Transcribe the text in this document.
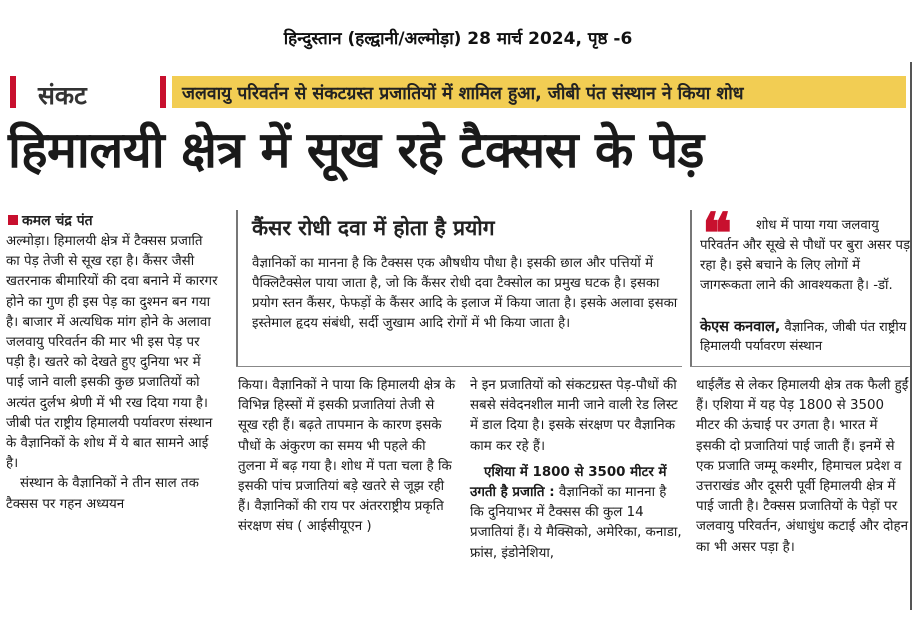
हिन्दुस्तान (हल्द्वानी/अल्मोड़ा) 28 मार्च 2024, पृष्ठ -6
संकट	जलवायु परिवर्तन से संकटग्रस्त प्रजातियों में शामिल हुआ, जीबी पंत संस्थान ने किया शोध
हिमालयी क्षेत्र में सूख रहे टैक्सस के पेड़
कमल चंद्र पंत

अल्मोड़ा। हिमालयी क्षेत्र में टैक्सस प्रजाति का पेड़ तेजी से सूख रहा है। कैंसर जैसी खतरनाक बीमारियों की दवा बनाने में कारगर होने का गुण ही इस पेड़ का दुश्मन बन गया है। बाजार में अत्यधिक मांग होने के अलावा जलवायु परिवर्तन की मार भी इस पेड़ पर पड़ी है। खतरे को देखते हुए दुनिया भर में पाई जाने वाली इसकी कुछ प्रजातियों को अत्यंत दुर्लभ श्रेणी में भी रख दिया गया है। जीबी पंत राष्ट्रीय हिमालयी पर्यावरण संस्थान के वैज्ञानिकों के शोध में ये बात सामने आई है।

संस्थान के वैज्ञानिकों ने तीन साल तक टैक्सस पर गहन अध्ययन

कैंसर रोधी दवा में होता है प्रयोग
वैज्ञानिकों का मानना है कि टैक्सस एक औषधीय पौधा है। इसकी छाल और पत्तियों में पैक्लिटैक्सेल पाया जाता है, जो कि कैंसर रोधी दवा टैक्सोल का प्रमुख घटक है। इसका प्रयोग स्तन कैंसर, फेफड़ों के कैंसर आदि के इलाज में किया जाता है। इसके अलावा इसका इस्तेमाल हृदय संबंधी, सर्दी जुखाम आदि रोगों में भी किया जाता है।
❝	शोध में पाया गया जलवायु परिवर्तन और सूखे से पौधों पर बुरा असर पड़ रहा है। इसे बचाने के लिए लोगों में जागरूकता लाने की आवश्यकता है। -डॉ.
केएस कनवाल, वैज्ञानिक, जीबी पंत राष्ट्रीय हिमालयी पर्यावरण संस्थान

किया। वैज्ञानिकों ने पाया कि हिमालयी क्षेत्र के विभिन्न हिस्सों में इसकी प्रजातियां तेजी से सूख रही हैं। बढ़ते तापमान के कारण इसके पौधों के अंकुरण का समय भी पहले की तुलना में बढ़ गया है। शोध में पता चला है कि इसकी पांच प्रजातियां बड़े खतरे से जूझ रही हैं। वैज्ञानिकों की राय पर अंतरराष्ट्रीय प्रकृति संरक्षण संघ ( आईसीयूएन )

ने इन प्रजातियों को संकटग्रस्त पेड़-पौधों की सबसे संवेदनशील मानी जाने वाली रेड लिस्ट में डाल दिया है। इसके संरक्षण पर वैज्ञानिक काम कर रहे हैं।

एशिया में 1800 से 3500 मीटर में उगती है प्रजाति : वैज्ञानिकों का मानना है कि दुनियाभर में टैक्सस की कुल 14 प्रजातियां हैं। ये मैक्सिको, अमेरिका, कनाडा, फ्रांस, इंडोनेशिया,

थाईलैंड से लेकर हिमालयी क्षेत्र तक फैली हुईं हैं। एशिया में यह पेड़ 1800 से 3500 मीटर की ऊंचाई पर उगता है। भारत में इसकी दो प्रजातियां पाई जाती हैं। इनमें से एक प्रजाति जम्मू कश्मीर, हिमाचल प्रदेश व उत्तराखंड और दूसरी पूर्वी हिमालयी क्षेत्र में पाई जाती है। टैक्सस प्रजातियों के पेड़ों पर जलवायु परिवर्तन, अंधाधुंध कटाई और दोहन का भी असर पड़ा है।
